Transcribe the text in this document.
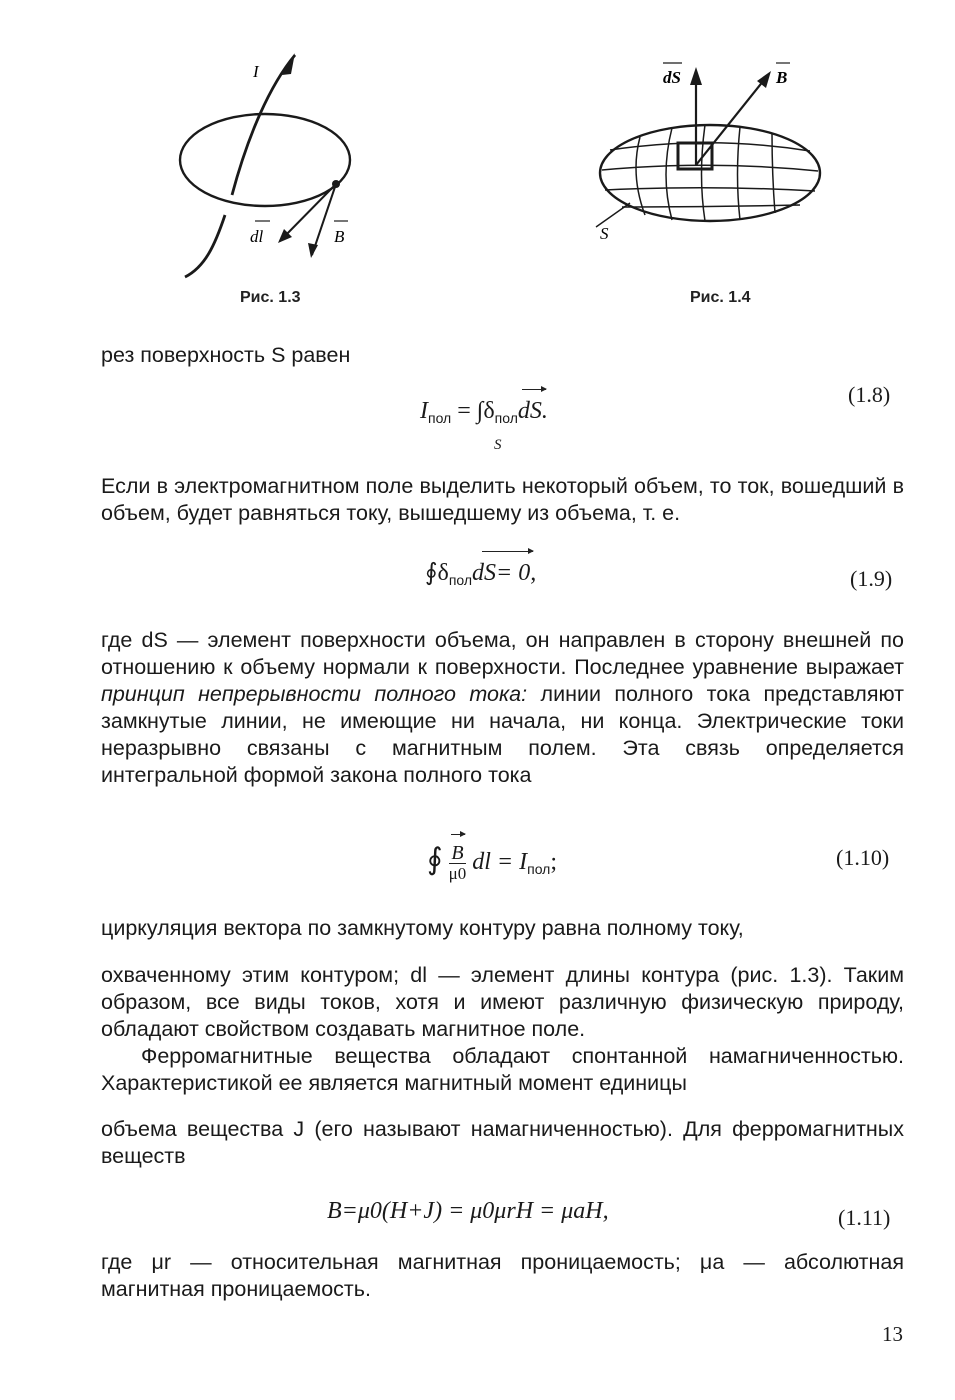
I
dl	B
Рис. 1.3
dS	B
S
Рис. 1.4
рез поверхность S равен
$I_{пол} = \int\delta_{пол}dS$.
S
(1.8)
Если в электромагнитном поле выделить некоторый объем, то ток, вошедший в объем, будет равняться току, вышедшему из объема, т. е.
$∮\delta_{пол}dS= 0$,	(1.9)
где dS — элемент поверхности объема, он направлен в сторону внешней по отношению к объему нормали к поверхности. Последнее уравнение выражает принцип непрерывности полного тока: линии полного тока представляют замкнутые линии, не имеющие ни начала, ни конца. Электрические токи неразрывно связаны с магнитным полем. Эта связь определяется интегральной формой закона полного тока
∮ $\frac{B}{\mu 0}$ dl = $I_{пол}$;	(1.10)
циркуляция вектора по замкнутому контуру равна полному току,
охваченному этим контуром; dl — элемент длины контура (рис. 1.3). Таким образом, все виды токов, хотя и имеют различную физическую природу, обладают свойством создавать магнитное поле.
Ферромагнитные вещества обладают спонтанной намагниченностью. Характеристикой ее является магнитный момент единицы
объема вещества J (его называют намагниченностью). Для ферромагнитных веществ
B=μ0(H+J) = μ0μrH = μaH,	(1.11)
где μr — относительная магнитная проницаемость; μa — абсолютная магнитная проницаемость.
13
